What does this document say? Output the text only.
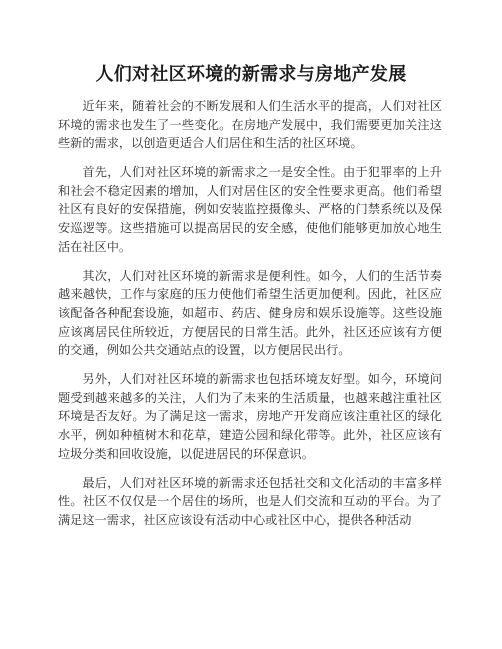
人们对社区环境的新需求与房地产发展

近年来，随着社会的不断发展和人们生活水平的提高，人们对社区环境的需求也发生了一些变化。在房地产发展中，我们需要更加关注这些新的需求，以创造更适合人们居住和生活的社区环境。

首先，人们对社区环境的新需求之一是安全性。由于犯罪率的上升和社会不稳定因素的增加，人们对居住区的安全性要求更高。他们希望社区有良好的安保措施，例如安装监控摄像头、严格的门禁系统以及保安巡逻等。这些措施可以提高居民的安全感，使他们能够更加放心地生活在社区中。

其次，人们对社区环境的新需求是便利性。如今，人们的生活节奏越来越快，工作与家庭的压力使他们希望生活更加便利。因此，社区应该配备各种配套设施，如超市、药店、健身房和娱乐设施等。这些设施应该离居民住所较近，方便居民的日常生活。此外，社区还应该有方便的交通，例如公共交通站点的设置，以方便居民出行。

另外，人们对社区环境的新需求也包括环境友好型。如今，环境问题受到越来越多的关注，人们为了未来的生活质量，也越来越注重社区环境是否友好。为了满足这一需求，房地产开发商应该注重社区的绿化水平，例如种植树木和花草，建造公园和绿化带等。此外，社区应该有垃圾分类和回收设施，以促进居民的环保意识。

最后，人们对社区环境的新需求还包括社交和文化活动的丰富多样性。社区不仅仅是一个居住的场所，也是人们交流和互动的平台。为了满足这一需求，社区应该设有活动中心或社区中心，提供各种活动
